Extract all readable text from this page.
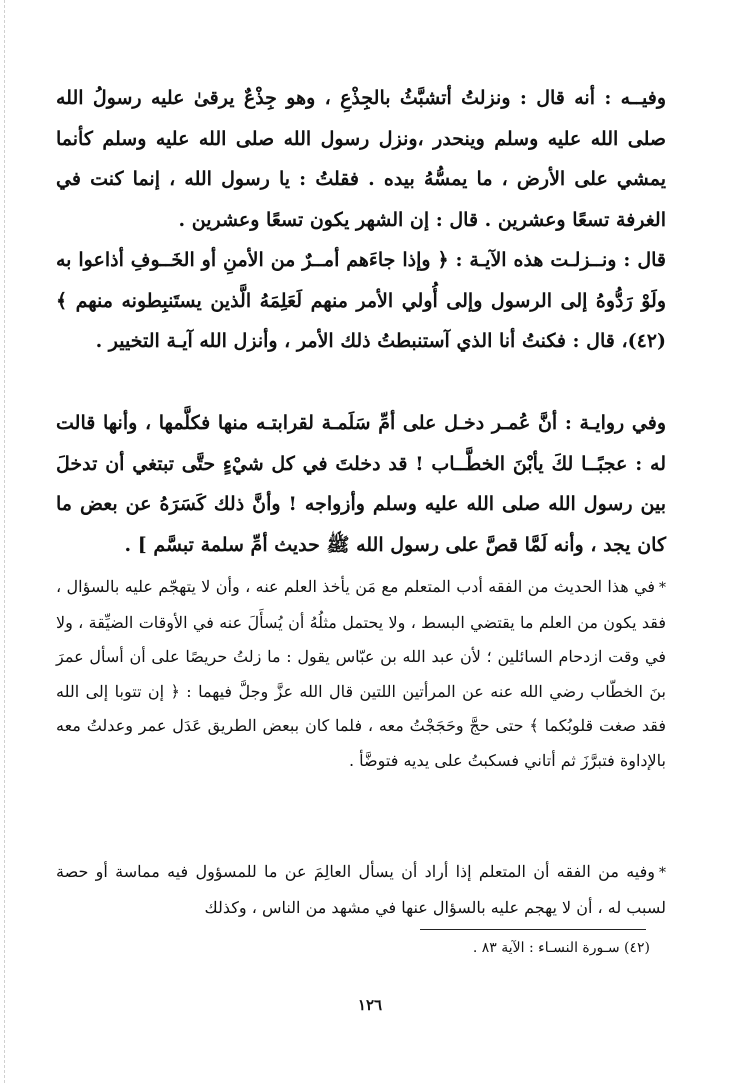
وفيــه : أنه قال : ونزلتُ أتشبَّثُ بالجِذْعِ ، وهو جِذْعٌ يرقىٰ عليه رسولُ الله صلى الله عليه وسلم وينحدر ،ونزل رسول الله صلى الله عليه وسلم كأنما يمشي على الأرض ، ما يمسُّهُ بيده . فقلتُ : يا رسول الله ، إنما كنت في الغرفة تسعًا وعشرين . قال : إن الشهر يكون تسعًا وعشرين .

قال : ونــزلـت هذه الآيـة : ﴿ وإذا جاءَهم أمــرٌ من الأمنِ أو الخَــوفِ أذاعوا به ولَوْ رَدُّوهُ إلى الرسول وإلى أُولي الأمر منهم لَعَلِمَهُ الَّذين يستَنبِطونه منهم ﴾(٤٢)، قال : فكنتُ أنا الذي آستنبطتُ ذلك الأمر ، وأنزل الله آيـة التخيير .

وفي روايـة : أنَّ عُمـر دخـل على أمِّ سَلَمـة لقرابتـه منها فكلَّمها ، وأنها قالت له : عجبًــا لكَ يأبْنَ الخطَّــاب ! قد دخلتَ في كل شيْءٍ حتَّى تبتغي أن تدخلَ بين رسول الله صلى الله عليه وسلم وأزواجه ! وأنَّ ذلك كَسَرَهُ عن بعض ما كان يجد ، وأنه لَمَّا قصَّ على رسول الله ﷺ حديث أمِّ سلمة تبسَّم ] .

*في هذا الحديث من الفقه أدب المتعلم مع مَن يأخذ العلم عنه ، وأن لا يتهجّم عليه بالسؤال ، فقد يكون من العلم ما يقتضي البسط ، ولا يحتمل مثلُهُ أن يُسأَلَ عنه في الأوقات الضيِّقة ، ولا في وقت ازدحام السائلين ؛ لأن عبد الله بن عبّاس يقول : ما زلتُ حريصًا على أن أسأل عمرَ بنَ الخطّاب رضي الله عنه عن المرأتين اللتين قال الله عزَّ وجلَّ فيهما : ﴿ إن تتوبا إلى الله فقد صغت قلوبُكما ﴾ حتى حجَّ وحَجَجْتُ معه ، فلما كان ببعض الطريق عَدَل عمر وعدلتُ معه بالإداوة فتبرَّزَ ثم أتاني فسكبتُ على يديه فتوضَّأ .

*وفيه من الفقه أن المتعلم إذا أراد أن يسأل العالِمَ عن ما للمسؤول فيه مماسة أو حصة لسبب له ، أن لا يهجم عليه بالسؤال عنها في مشهد من الناس ، وكذلك

(٤٢) سـورة النسـاء : الآية ٨٣ .
١٢٦
